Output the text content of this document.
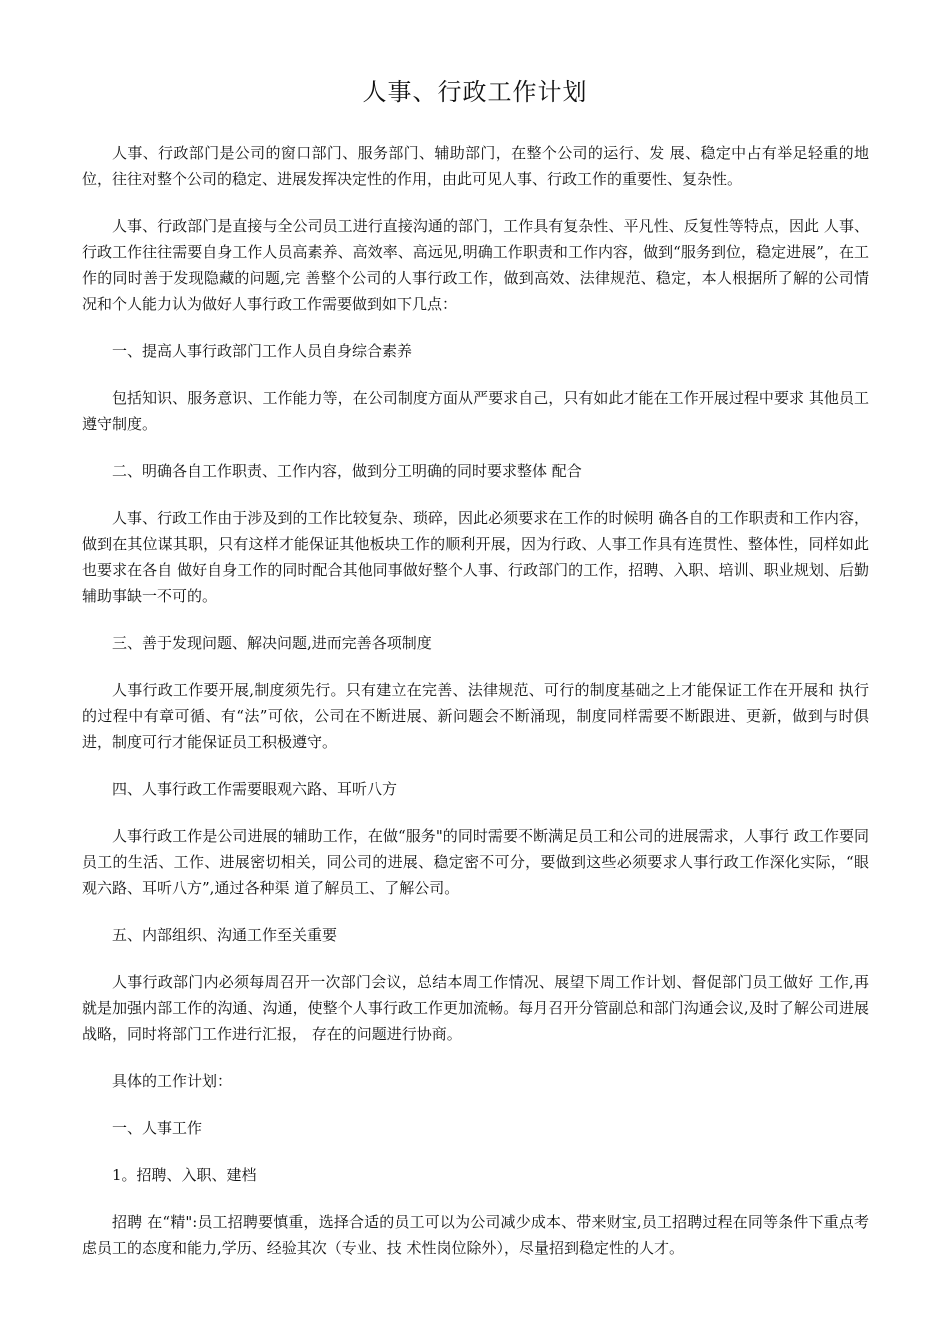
人事、行政工作计划

人事、行政部门是公司的窗口部门、服务部门、辅助部门，在整个公司的运行、发 展、稳定中占有举足轻重的地位，往往对整个公司的稳定、进展发挥决定性的作用，由此可见人事、行政工作的重要性、复杂性。

人事、行政部门是直接与全公司员工进行直接沟通的部门，工作具有复杂性、平凡性、反复性等特点，因此 人事、行政工作往往需要自身工作人员高素养、高效率、高远见,明确工作职责和工作内容，做到“服务到位，稳定进展”，在工作的同时善于发现隐藏的问题,完 善整个公司的人事行政工作，做到高效、法律规范、稳定，本人根据所了解的公司情况和个人能力认为做好人事行政工作需要做到如下几点：

一、提高人事行政部门工作人员自身综合素养

包括知识、服务意识、工作能力等，在公司制度方面从严要求自己，只有如此才能在工作开展过程中要求 其他员工遵守制度。

二、明确各自工作职责、工作内容，做到分工明确的同时要求整体 配合

人事、行政工作由于涉及到的工作比较复杂、琐碎，因此必须要求在工作的时候明 确各自的工作职责和工作内容，做到在其位谋其职，只有这样才能保证其他板块工作的顺利开展，因为行政、人事工作具有连贯性、整体性，同样如此也要求在各自 做好自身工作的同时配合其他同事做好整个人事、行政部门的工作，招聘、入职、培训、职业规划、后勤辅助事缺一不可的。

三、善于发现问题、解决问题,进而完善各项制度

人事行政工作要开展,制度须先行。只有建立在完善、法律规范、可行的制度基础之上才能保证工作在开展和 执行的过程中有章可循、有“法”可依，公司在不断进展、新问题会不断涌现，制度同样需要不断跟进、更新，做到与时俱进，制度可行才能保证员工积极遵守。

四、人事行政工作需要眼观六路、耳听八方

人事行政工作是公司进展的辅助工作，在做“服务"的同时需要不断满足员工和公司的进展需求，人事行 政工作要同员工的生活、工作、进展密切相关，同公司的进展、稳定密不可分，要做到这些必须要求人事行政工作深化实际，“眼观六路、耳听八方”,通过各种渠 道了解员工、了解公司。

五、内部组织、沟通工作至关重要

人事行政部门内必须每周召开一次部门会议，总结本周工作情况、展望下周工作计划、督促部门员工做好 工作,再就是加强内部工作的沟通、沟通，使整个人事行政工作更加流畅。每月召开分管副总和部门沟通会议,及时了解公司进展战略，同时将部门工作进行汇报， 存在的问题进行协商。

具体的工作计划：

一、人事工作

1。招聘、入职、建档

招聘 在“精":员工招聘要慎重，选择合适的员工可以为公司减少成本、带来财宝,员工招聘过程在同等条件下重点考虑员工的态度和能力,学历、经验其次（专业、技 术性岗位除外），尽量招到稳定性的人才。
